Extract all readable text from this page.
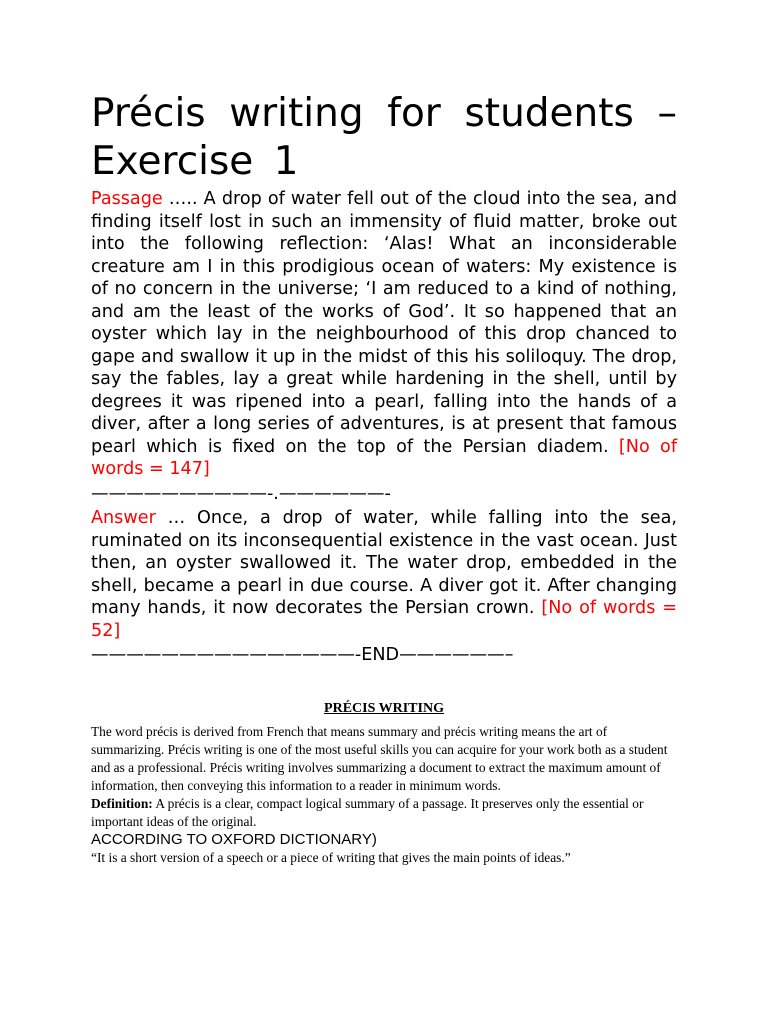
Précis writing for students – Exercise 1

Passage ….. A drop of water fell out of the cloud into the sea, and finding itself lost in such an immensity of fluid matter, broke out into the following reflection: ‘Alas! What an inconsiderable creature am I in this prodigious ocean of waters: My existence is of no concern in the universe; ‘I am reduced to a kind of nothing, and am the least of the works of God’. It so happened that an oyster which lay in the neighbourhood of this drop chanced to gape and swallow it up in the midst of this his soliloquy. The drop, say the fables, lay a great while hardening in the shell, until by degrees it was ripened into a pearl, falling into the hands of a diver, after a long series of adventures, is at present that famous pearl which is fixed on the top of the Persian diadem. [No of words = 147]

——————————-.——————-

Answer … Once, a drop of water, while falling into the sea, ruminated on its inconsequential existence in the vast ocean. Just then, an oyster swallowed it. The water drop, embedded in the shell, became a pearl in due course. A diver got it. After changing many hands, it now decorates the Persian crown. [No of words = 52]

———————————————-END——————–
PRÉCIS WRITING

The word précis is derived from French that means summary and précis writing means the art of summarizing. Précis writing is one of the most useful skills you can acquire for your work both as a student and as a professional. Précis writing involves summarizing a document to extract the maximum amount of information, then conveying this information to a reader in minimum words.

Definition: A précis is a clear, compact logical summary of a passage. It preserves only the essential or important ideas of the original.

ACCORDING TO OXFORD DICTIONARY)

“It is a short version of a speech or a piece of writing that gives the main points of ideas.”
